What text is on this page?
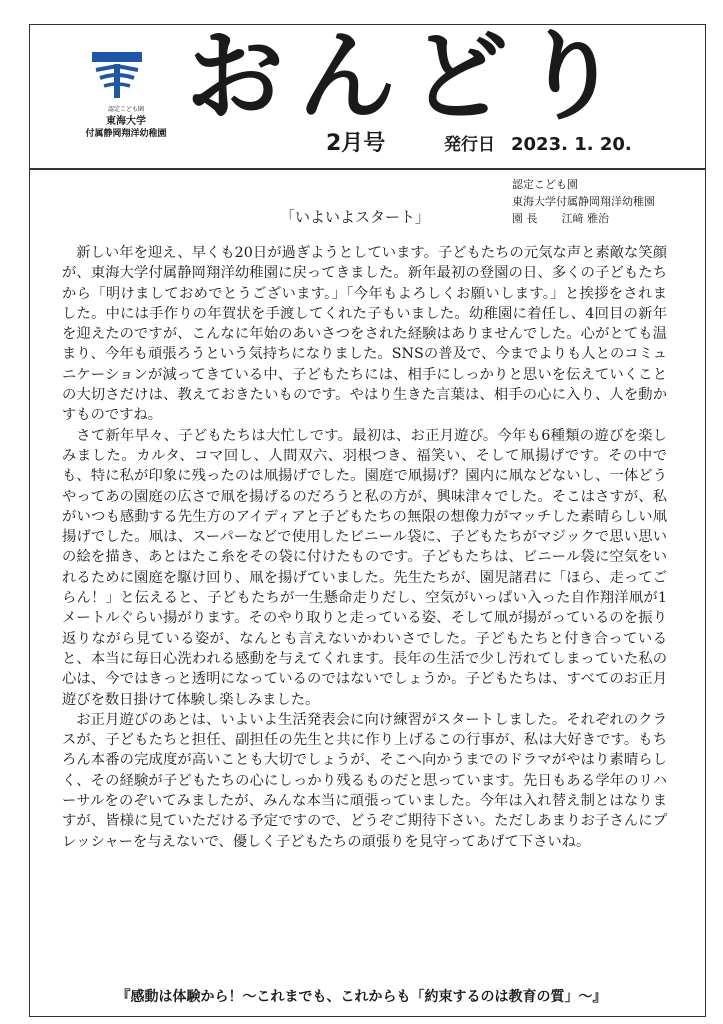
認定こども園
東海大学
付属静岡翔洋幼稚園 おんどり
2月号	発行日 2023. 1. 20.
認定こども園
東海大学付属静岡翔洋幼稚園
園 長 江﨑 雅治
「いよいよスタート」

新しい年を迎え、早くも20日が過ぎようとしています。子どもたちの元気な声と素敵な笑顔が、東海大学付属静岡翔洋幼稚園に戻ってきました。新年最初の登園の日、多くの子どもたちから「明けましておめでとうございます。」「今年もよろしくお願いします。」と挨拶をされました。中には手作りの年賀状を手渡してくれた子もいました。幼稚園に着任し、4回目の新年を迎えたのですが、こんなに年始のあいさつをされた経験はありませんでした。心がとても温まり、今年も頑張ろうという気持ちになりました。SNSの普及で、今までよりも人とのコミュニケーションが減ってきている中、子どもたちには、相手にしっかりと思いを伝えていくことの大切さだけは、教えておきたいものです。やはり生きた言葉は、相手の心に入り、人を動かすものですね。

さて新年早々、子どもたちは大忙しです。最初は、お正月遊び。今年も6種類の遊びを楽しみました。カルタ、コマ回し、人間双六、羽根つき、福笑い、そして凧揚げです。その中でも、特に私が印象に残ったのは凧揚げでした。園庭で凧揚げ？園内に凧などないし、一体どうやってあの園庭の広さで凧を揚げるのだろうと私の方が、興味津々でした。そこはさすが、私がいつも感動する先生方のアイディアと子どもたちの無限の想像力がマッチした素晴らしい凧揚げでした。凧は、スーパーなどで使用したビニール袋に、子どもたちがマジックで思い思いの絵を描き、あとはたこ糸をその袋に付けたものです。子どもたちは、ビニール袋に空気をいれるために園庭を駆け回り、凧を揚げていました。先生たちが、園児諸君に「ほら、走ってごらん！」と伝えると、子どもたちが一生懸命走りだし、空気がいっぱい入った自作翔洋凧が1メートルぐらい揚がります。そのやり取りと走っている姿、そして凧が揚がっているのを振り返りながら見ている姿が、なんとも言えないかわいさでした。子どもたちと付き合っていると、本当に毎日心洗われる感動を与えてくれます。長年の生活で少し汚れてしまっていた私の心は、今ではきっと透明になっているのではないでしょうか。子どもたちは、すべてのお正月遊びを数日掛けて体験し楽しみました。

お正月遊びのあとは、いよいよ生活発表会に向け練習がスタートしました。それぞれのクラスが、子どもたちと担任、副担任の先生と共に作り上げるこの行事が、私は大好きです。もちろん本番の完成度が高いことも大切でしょうが、そこへ向かうまでのドラマがやはり素晴らしく、その経験が子どもたちの心にしっかり残るものだと思っています。先日もある学年のリハーサルをのぞいてみましたが、みんな本当に頑張っていました。今年は入れ替え制とはなりますが、皆様に見ていただける予定ですので、どうぞご期待下さい。ただしあまりお子さんにプレッシャーを与えないで、優しく子どもたちの頑張りを見守ってあげて下さいね。

『感動は体験から！～これまでも、これからも「約束するのは教育の質」～』
